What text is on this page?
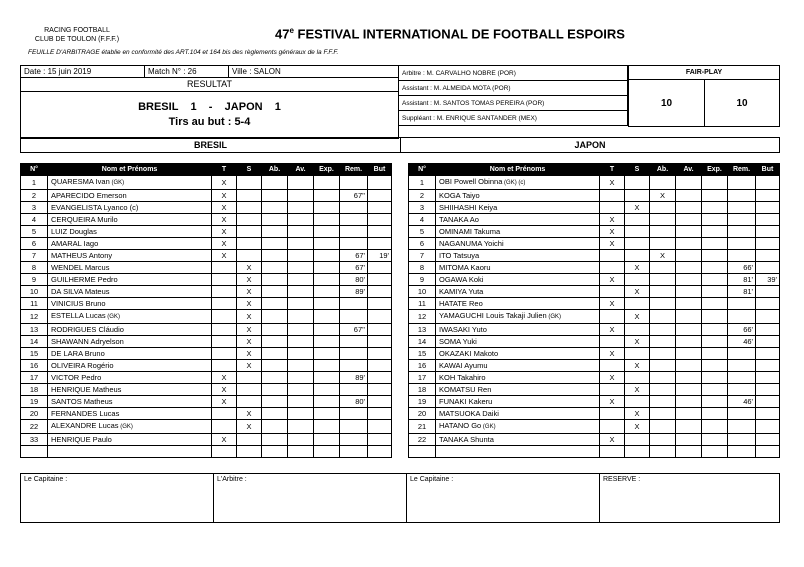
RACING FOOTBALL
CLUB DE TOULON (F.F.F.)	47e FESTIVAL INTERNATIONAL DE FOOTBALL ESPOIRS
FEUILLE D'ARBITRAGE établie en conformité des ART.104 et 164 bis des règlements généraux de la F.F.F.
Date : 15 juin 2019	Match N° : 26	Ville : SALON
RESULTAT

BRESIL    1    -    JAPON    1
Tirs au but : 5-4
Arbitre : M. CARVALHO NOBRE (POR)
Assistant : M. ALMEIDA MOTA (POR)
Assistant : M. SANTOS TOMAS PEREIRA (POR)
Suppléant : M. ENRIQUE SANTANDER (MEX)
FAIR-PLAY
10	10
BRESIL	JAPON
N°	Nom et Prénoms	T	S	Ab.	Av.	Exp.	Rem.	But
1	QUARESMA Ivan (GK)	X						
2	APARECIDO Emerson	X					67''	
3	EVANGELISTA Lyanco (c)	X						
4	CERQUEIRA Murilo	X						
5	LUIZ Douglas	X						
6	AMARAL Iago	X						
7	MATHEUS Antony	X					67'	19'
8	WENDEL Marcus		X				67'	
9	GUILHERME Pedro		X				80'	
10	DA SILVA Mateus		X				89'	
11	VINICIUS Bruno		X					
12	ESTELLA Lucas (GK)		X					
13	RODRIGUES Cláudio		X				67''	
14	SHAWANN Adryelson		X					
15	DE LARA Bruno		X					
16	OLIVEIRA Rogério		X					
17	VICTOR Pedro	X					89'	
18	HENRIQUE Matheus	X						
19	SANTOS Matheus	X					80'	
20	FERNANDES Lucas		X					
22	ALEXANDRE Lucas (GK)		X					
33	HENRIQUE Paulo	X						

N°	Nom et Prénoms	T	S	Ab.	Av.	Exp.	Rem.	But
1	OBI Powell Obinna (GK) (c)	X						
2	KOGA Taiyo			X				
3	SHIIHASHI Keiya		X					
4	TANAKA Ao	X						
5	OMINAMI Takuma	X						
6	NAGANUMA Yoichi	X						
7	ITO Tatsuya			X				
8	MITOMA Kaoru		X				66'	
9	OGAWA Koki	X					81'	39'
10	KAMIYA Yuta		X				81'	
11	HATATE Reo	X						
12	YAMAGUCHI Louis Takaji Julien (GK)		X					
13	IWASAKI Yuto	X					66'	
14	SOMA Yuki		X				46'	
15	OKAZAKI Makoto	X						
16	KAWAI Ayumu		X					
17	KOH Takahiro	X						
18	KOMATSU Ren		X					
19	FUNAKI Kakeru	X					46'	
20	MATSUOKA Daiki		X					
21	HATANO Go (GK)		X					
22	TANAKA Shunta	X						

Le Capitaine :	L'Arbitre :	Le Capitaine :	RESERVE :
